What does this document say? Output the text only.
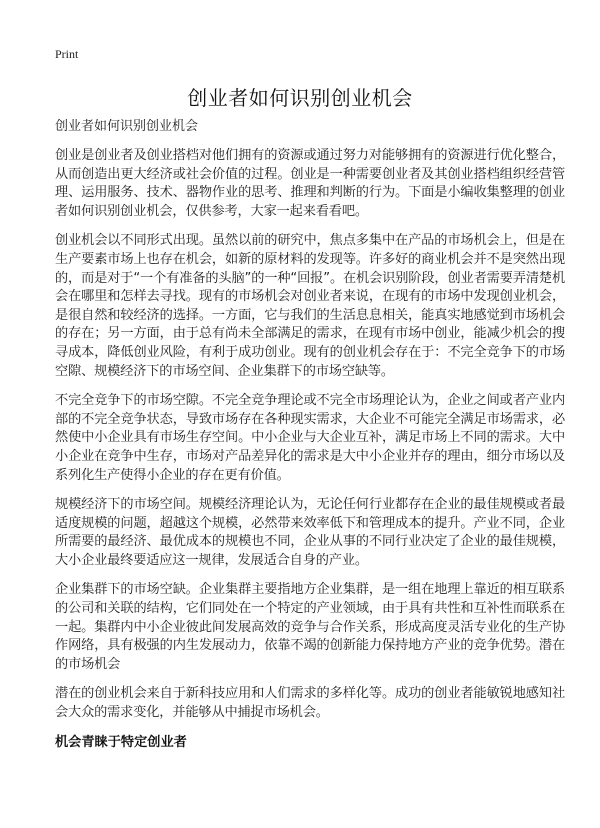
Print
创业者如何识别创业机会

创业者如何识别创业机会

创业是创业者及创业搭档对他们拥有的资源或通过努力对能够拥有的资源进行优化整合，从而创造出更大经济或社会价值的过程。创业是一种需要创业者及其创业搭档组织经营管理、运用服务、技术、器物作业的思考、推理和判断的行为。下面是小编收集整理的创业者如何识别创业机会，仅供参考，大家一起来看看吧。

创业机会以不同形式出现。虽然以前的研究中，焦点多集中在产品的市场机会上，但是在生产要素市场上也存在机会，如新的原材料的发现等。许多好的商业机会并不是突然出现的，而是对于“一个有准备的头脑”的一种“回报”。在机会识别阶段，创业者需要弄清楚机会在哪里和怎样去寻找。现有的市场机会对创业者来说，在现有的市场中发现创业机会，是很自然和较经济的选择。一方面，它与我们的生活息息相关，能真实地感觉到市场机会的存在；另一方面，由于总有尚未全部满足的需求，在现有市场中创业，能减少机会的搜寻成本，降低创业风险，有利于成功创业。现有的创业机会存在于：不完全竞争下的市场空隙、规模经济下的市场空间、企业集群下的市场空缺等。

不完全竞争下的市场空隙。不完全竞争理论或不完全市场理论认为，企业之间或者产业内部的不完全竞争状态，导致市场存在各种现实需求，大企业不可能完全满足市场需求，必然使中小企业具有市场生存空间。中小企业与大企业互补，满足市场上不同的需求。大中小企业在竞争中生存，市场对产品差异化的需求是大中小企业并存的理由，细分市场以及系列化生产使得小企业的存在更有价值。

规模经济下的市场空间。规模经济理论认为，无论任何行业都存在企业的最佳规模或者最适度规模的问题，超越这个规模，必然带来效率低下和管理成本的提升。产业不同，企业所需要的最经济、最优成本的规模也不同，企业从事的不同行业决定了企业的最佳规模，大小企业最终要适应这一规律，发展适合自身的产业。

企业集群下的市场空缺。企业集群主要指地方企业集群，是一组在地理上靠近的相互联系的公司和关联的结构，它们同处在一个特定的产业领域，由于具有共性和互补性而联系在一起。集群内中小企业彼此间发展高效的竞争与合作关系，形成高度灵活专业化的生产协作网络，具有极强的内生发展动力，依靠不竭的创新能力保持地方产业的竞争优势。潜在的市场机会

潜在的创业机会来自于新科技应用和人们需求的多样化等。成功的创业者能敏锐地感知社会大众的需求变化，并能够从中捕捉市场机会。

机会青睐于特定创业者
